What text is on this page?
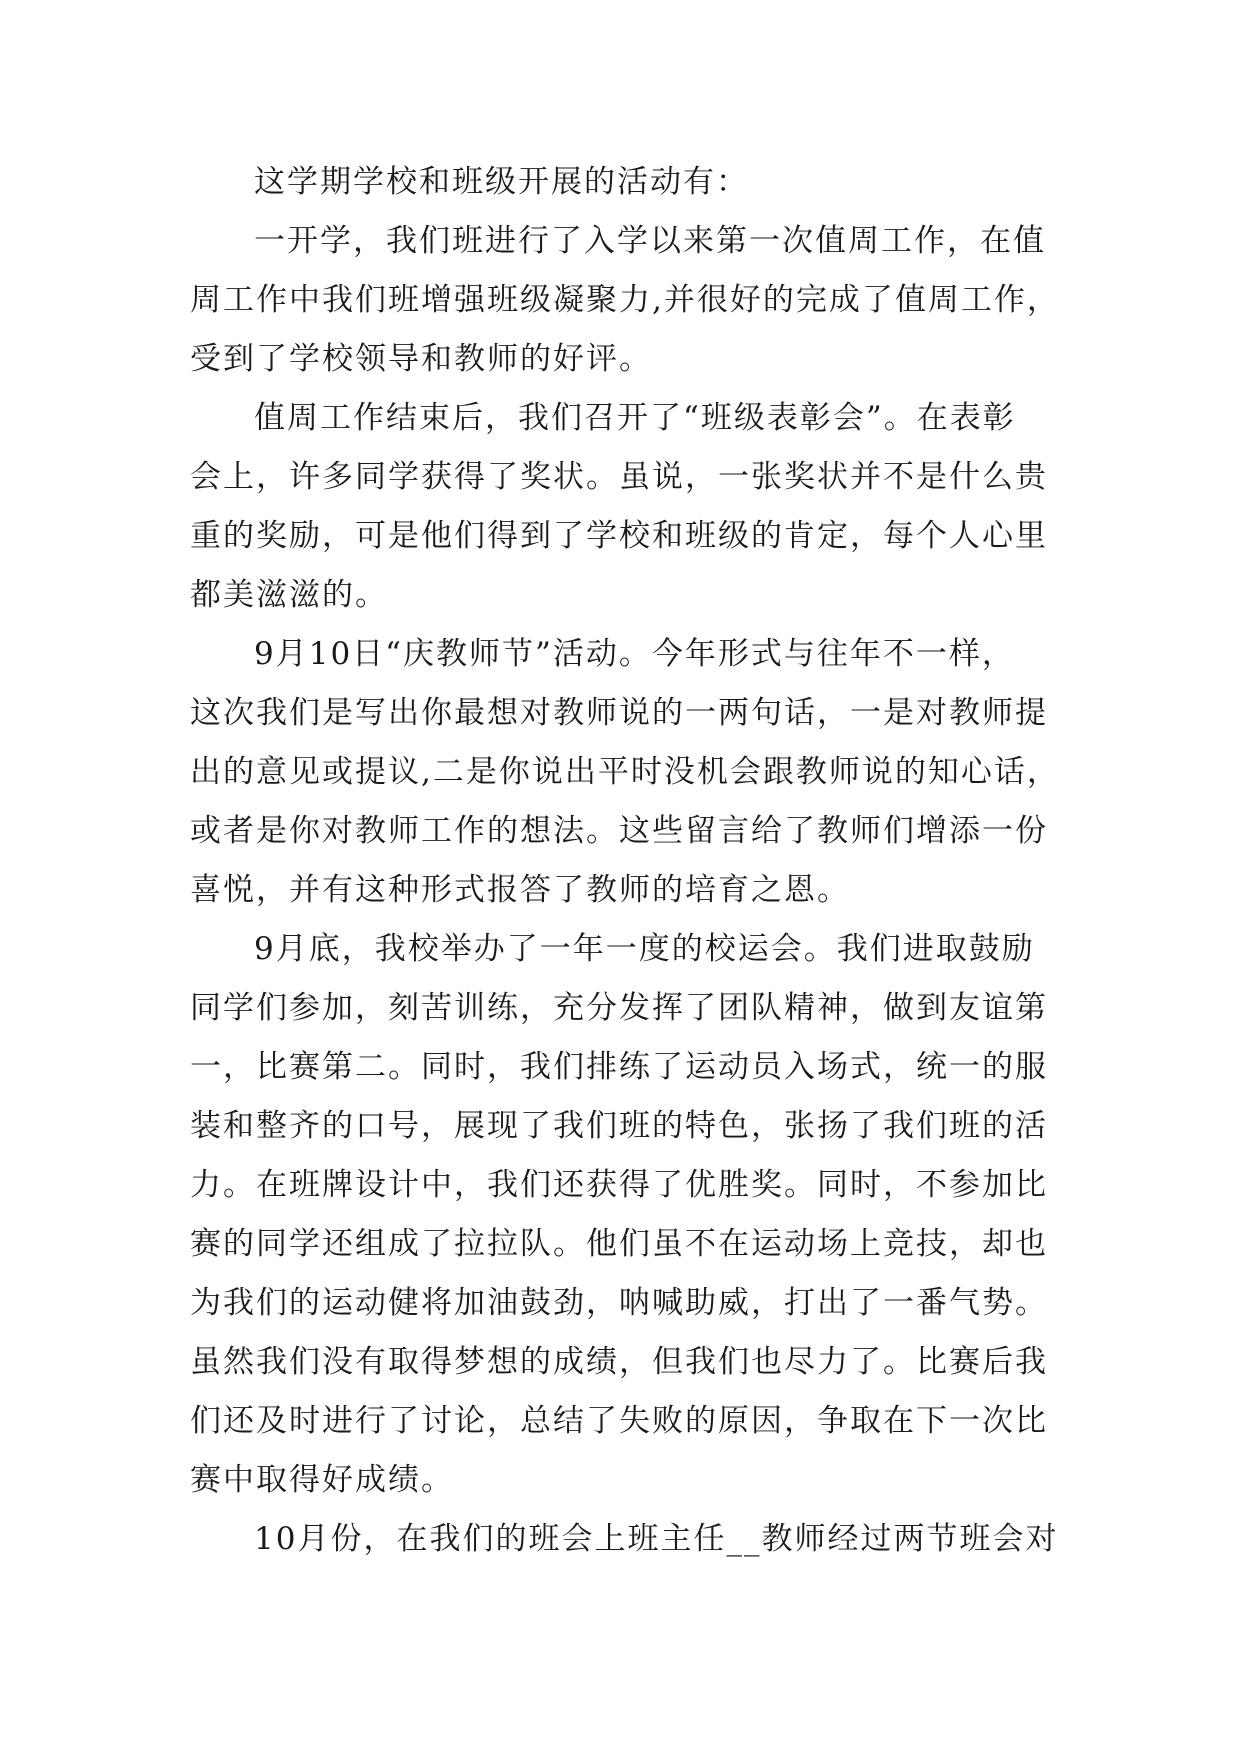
这学期学校和班级开展的活动有：
一开学，我们班进行了入学以来第一次值周工作，在值
周工作中我们班增强班级凝聚力,并很好的完成了值周工作，
受到了学校领导和教师的好评。
值周工作结束后，我们召开了“班级表彰会”。在表彰
会上，许多同学获得了奖状。虽说，一张奖状并不是什么贵
重的奖励，可是他们得到了学校和班级的肯定，每个人心里
都美滋滋的。
9月10日“庆教师节”活动。今年形式与往年不一样，
这次我们是写出你最想对教师说的一两句话，一是对教师提
出的意见或提议,二是你说出平时没机会跟教师说的知心话，
或者是你对教师工作的想法。这些留言给了教师们增添一份
喜悦，并有这种形式报答了教师的培育之恩。
9月底，我校举办了一年一度的校运会。我们进取鼓励
同学们参加，刻苦训练，充分发挥了团队精神，做到友谊第
一，比赛第二。同时，我们排练了运动员入场式，统一的服
装和整齐的口号，展现了我们班的特色，张扬了我们班的活
力。在班牌设计中，我们还获得了优胜奖。同时，不参加比
赛的同学还组成了拉拉队。他们虽不在运动场上竞技，却也
为我们的运动健将加油鼓劲，呐喊助威，打出了一番气势。
虽然我们没有取得梦想的成绩，但我们也尽力了。比赛后我
们还及时进行了讨论，总结了失败的原因，争取在下一次比
赛中取得好成绩。
10月份，在我们的班会上班主任__教师经过两节班会对
